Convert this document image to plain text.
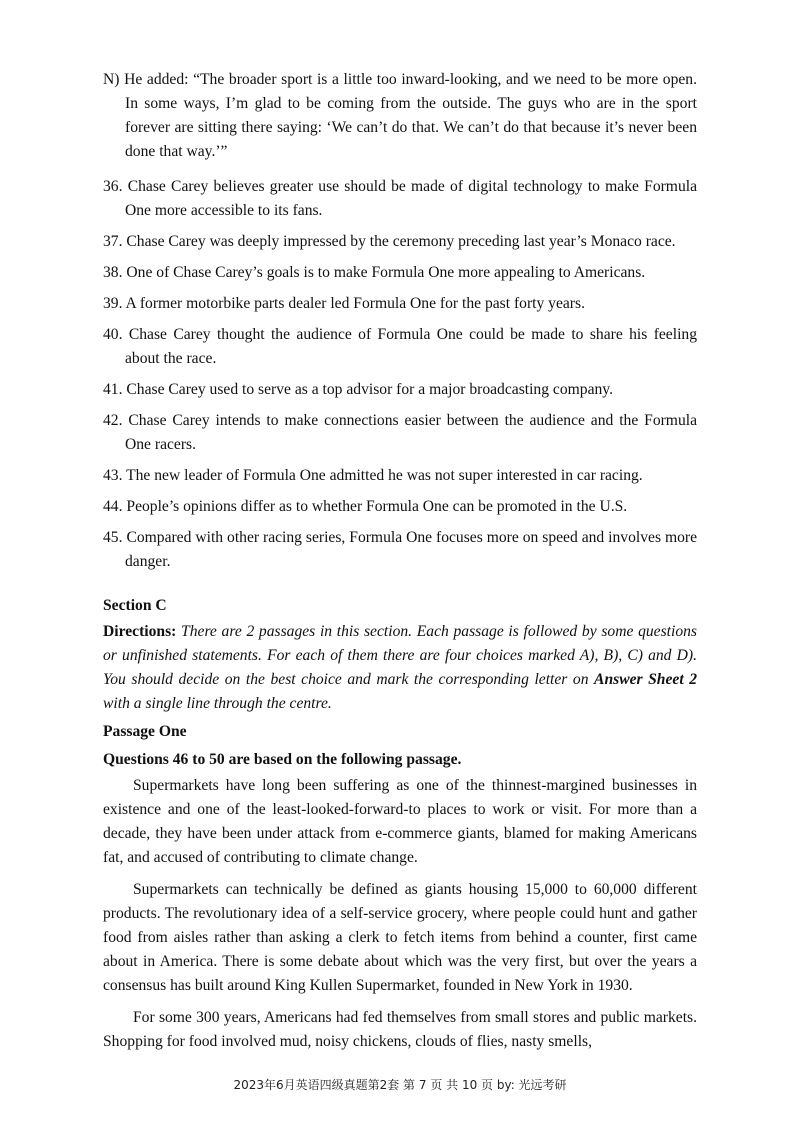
N) He added: “The broader sport is a little too inward-looking, and we need to be more open. In some ways, I’m glad to be coming from the outside. The guys who are in the sport forever are sitting there saying: ‘We can’t do that. We can’t do that because it’s never been done that way.’”

36. Chase Carey believes greater use should be made of digital technology to make Formula One more accessible to its fans.

37. Chase Carey was deeply impressed by the ceremony preceding last year’s Monaco race.

38. One of Chase Carey’s goals is to make Formula One more appealing to Americans.

39. A former motorbike parts dealer led Formula One for the past forty years.

40. Chase Carey thought the audience of Formula One could be made to share his feeling about the race.

41. Chase Carey used to serve as a top advisor for a major broadcasting company.

42. Chase Carey intends to make connections easier between the audience and the Formula One racers.

43. The new leader of Formula One admitted he was not super interested in car racing.

44. People’s opinions differ as to whether Formula One can be promoted in the U.S.

45. Compared with other racing series, Formula One focuses more on speed and involves more danger.

Section C

Directions: There are 2 passages in this section. Each passage is followed by some questions or unfinished statements. For each of them there are four choices marked A), B), C) and D). You should decide on the best choice and mark the corresponding letter on Answer Sheet 2 with a single line through the centre.

Passage One

Questions 46 to 50 are based on the following passage.

Supermarkets have long been suffering as one of the thinnest-margined businesses in existence and one of the least-looked-forward-to places to work or visit. For more than a decade, they have been under attack from e-commerce giants, blamed for making Americans fat, and accused of contributing to climate change.

Supermarkets can technically be defined as giants housing 15,000 to 60,000 different products. The revolutionary idea of a self-service grocery, where people could hunt and gather food from aisles rather than asking a clerk to fetch items from behind a counter, first came about in America. There is some debate about which was the very first, but over the years a consensus has built around King Kullen Supermarket, founded in New York in 1930.

For some 300 years, Americans had fed themselves from small stores and public markets. Shopping for food involved mud, noisy chickens, clouds of flies, nasty smells,

2023年6月英语四级真题第2套 第 7 页 共 10 页 by: 光远考研
